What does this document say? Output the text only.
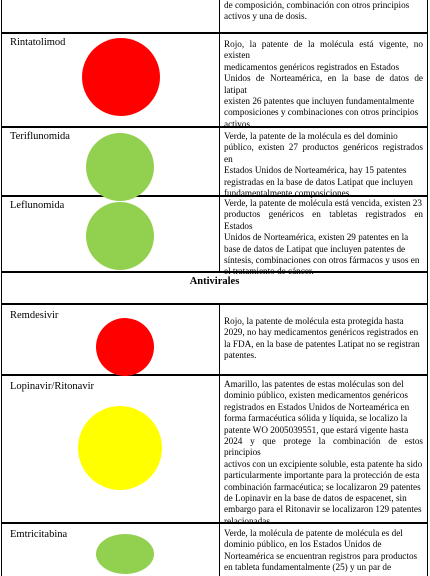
de composición, combinación con otros principios
activos y una de dosis.
Rintatolimod	Rojo, la patente de la molécula está vigente, no existen
medicamentos genéricos registrados en Estados
Unidos de Norteamérica, en la base de datos de latipat
existen 26 patentes que incluyen fundamentalmente
composiciones y combinaciones con otros principios
activos.
Teriflunomida	Verde, la patente de la molécula es del dominio
público, existen 27 productos genéricos registrados en
Estados Unidos de Norteamérica, hay 15 patentes
registradas en la base de datos Latipat que incluyen
fundamentalmente composiciones.
Leflunomida	Verde, la patente de molécula está vencida, existen 23
productos genéricos en tabletas registrados en Estados
Unidos de Norteamérica, existen 29 patentes en la
base de datos de Latipat que incluyen patentes de
síntesis, combinaciones con otros fármacos y usos en
el tratamiento de cáncer.
Antivirales
Remdesivir	Rojo, la patente de molécula esta protegida hasta
2029, no hay medicamentos genéricos registrados en
la FDA, en la base de patentes Latipat no se registran
patentes.
Lopinavir/Ritonavir	Amarillo, las patentes de estas moléculas son del
dominio público, existen medicamentos genéricos
registrados en Estados Unidos de Norteamérica en
forma farmacéutica sólida y líquida, se localizo la
patente WO 2005039551, que estará vigente hasta
2024 y que protege la combinación de estos principios
activos con un excipiente soluble, esta patente ha sido
particularmente importante para la protección de esta
combinación farmacéutica; se localizaron 29 patentes
de Lopinavir en la base de datos de espacenet, sin
embargo para el Ritonavir se localizaron 129 patentes
relacionadas.
Emtricitabina	Verde, la molécula de patente de molécula es del
dominio público, en los Estados Unidos de
Norteamérica se encuentran registros para productos
en tableta fundamentalmente (25) y un par de
